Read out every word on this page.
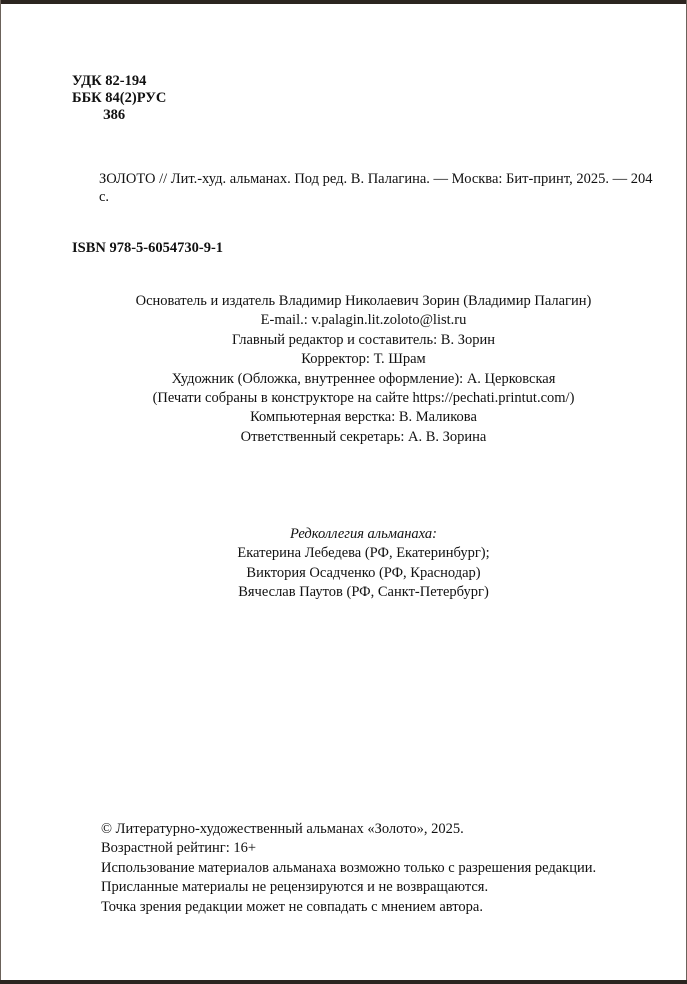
УДК 82-194
ББК 84(2)РУС
З86
ЗОЛОТО // Лит.-худ. альманах. Под ред. В. Палагина. — Москва: Бит-принт, 2025. — 204 с.
ISBN 978-5-6054730-9-1
Основатель и издатель Владимир Николаевич Зорин (Владимир Палагин)
E-mail.: v.palagin.lit.zoloto@list.ru
Главный редактор и составитель: В. Зорин
Корректор: Т. Шрам
Художник (Обложка, внутреннее оформление): А. Церковская
(Печати собраны в конструкторе на сайте https://pechati.printut.com/)
Компьютерная верстка: В. Маликова
Ответственный секретарь: А. В. Зорина
Редколлегия альманаха:
Екатерина Лебедева (РФ, Екатеринбург);
Виктория Осадченко (РФ, Краснодар)
Вячеслав Паутов (РФ, Санкт-Петербург)
© Литературно-художественный альманах «Золото», 2025.
Возрастной рейтинг: 16+
Использование материалов альманаха возможно только с разрешения редакции.
Присланные материалы не рецензируются и не возвращаются.
Точка зрения редакции может не совпадать с мнением автора.
